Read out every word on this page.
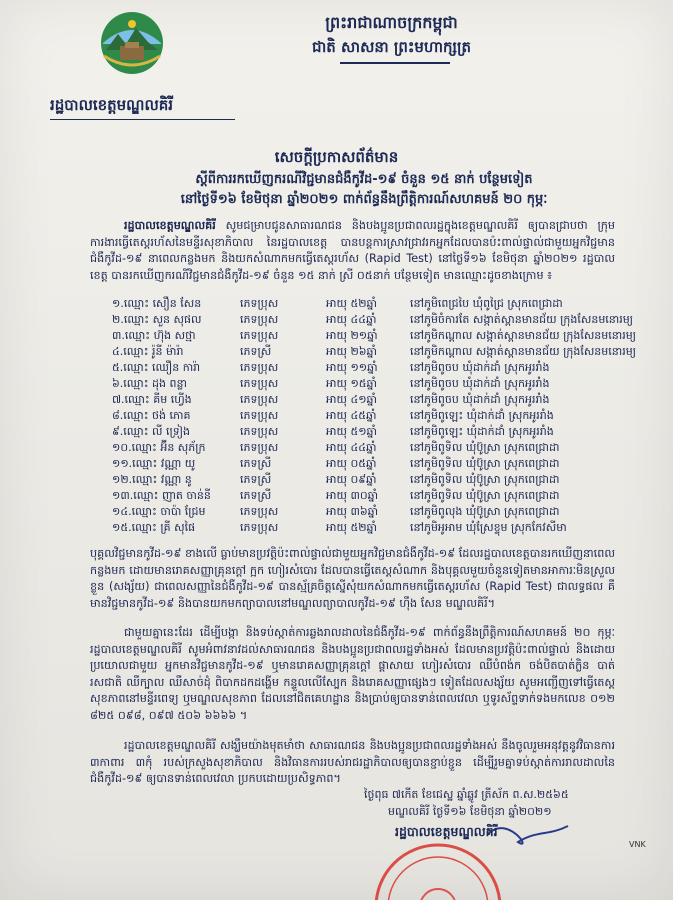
ព្រះរាជាណាចក្រកម្ពុជា
ជាតិ សាសនា ព្រះមហាក្សត្រ
រដ្ឋបាលខេត្តមណ្ឌលគិរី
សេចក្តីប្រកាសព័ត៌មាន
ស្តីពីការរកឃើញករណីវិជ្ជមានជំងឺកូវីដ-១៩ ចំនួន ១៥ នាក់ បន្ថែមទៀត
នៅថ្ងៃទី១៦ ខែមិថុនា ឆ្នាំ២០២១ ពាក់ព័ន្ធនឹងព្រឹត្តិការណ៍សហគមន៍ ២០ កុម្ភៈ
រដ្ឋបាលខេត្តមណ្ឌលគិរី សូមជម្រាបជូនសាធារណជន និងបងប្អូនប្រជាពលរដ្ឋក្នុងខេត្តមណ្ឌលគិរី ឲ្យបានជ្រាបថា ក្រុមការងារធ្វើតេស្តរហ័សនៃមន្ទីរសុខាភិបាល នៃរដ្ឋបាលខេត្ត បានបន្តការស្រាវជ្រាវរកអ្នកដែលបានប៉ះពាល់ផ្ទាល់ជាមួយអ្នកវិជ្ជមានជំងឺកូវីដ-១៩ នាពេលកន្លងមក និងយកសំណាកមកធ្វើតេស្តរហ័ស (Rapid Test) នៅថ្ងៃទី១៦ ខែមិថុនា ឆ្នាំ២០២១ រដ្ឋបាលខេត្ត បានរកឃើញករណីវិជ្ជមានជំងឺកូវីដ-១៩ ចំនួន ១៥ នាក់ ស្រី ០៥នាក់ បន្ថែមទៀត មានឈ្មោះដូចខាងក្រោម ៖
១.ឈ្មោះ សឿន សែន	ភេទប្រុស	អាយុ ៥២ឆ្នាំ	នៅភូមិពេជ្របៃ ឃុំពូជ្រៃ ស្រុកពេជ្រាដា
២.ឈ្មោះ សួន សុផល	ភេទប្រុស	អាយុ ៤៤ឆ្នាំ	នៅភូមិចំការតែ សង្កាត់ស្ពានមានជ័យ ក្រុងសែនមនោរម្យ
៣.ឈ្មោះ ហ៊ុង សថ្មា	ភេទប្រុស	អាយុ ២១ឆ្នាំ	នៅភូមិកណ្តាល សង្កាត់ស្ពានមានជ័យ ក្រុងសែនមនោរម្យ
៤.ឈ្មោះ រ៉ូនី ម៉ារ៉ា	ភេទស្រី	អាយុ ២៦ឆ្នាំ	នៅភូមិកណ្តាល សង្កាត់ស្ពានមានជ័យ ក្រុងសែនមនោរម្យ
៥.ឈ្មោះ ឈឿន ការ៉ា	ភេទប្រុស	អាយុ ១១ឆ្នាំ	នៅភូមិពូចប ឃុំដាក់ដាំ ស្រុកអូររាំង
៦.ឈ្មោះ ដុង ពន្លា	ភេទប្រុស	អាយុ ១៥ឆ្នាំ	នៅភូមិពូចប ឃុំដាក់ដាំ ស្រុកអូររាំង
៧.ឈ្មោះ គីម ហ្វើង	ភេទប្រុស	អាយុ ៤១ឆ្នាំ	នៅភូមិពូចប ឃុំដាក់ដាំ ស្រុកអូររាំង
៨.ឈ្មោះ ថង់ ភោគ	ភេទប្រុស	អាយុ ៤៥ឆ្នាំ	នៅភូមិពូឡេះ ឃុំដាក់ដាំ ស្រុកអូររាំង
៩.ឈ្មោះ លី ទ្រៀង	ភេទប្រុស	អាយុ ៥១ឆ្នាំ	នៅភូមិពូឡេះ ឃុំដាក់ដាំ ស្រុកអូររាំង
១០.ឈ្មោះ អ៊ីន សុភ័ក្រ	ភេទប្រុស	អាយុ ៤៤ឆ្នាំ	នៅភូមិពូទិល ឃុំប៊ូស្រា ស្រុកពេជ្រាដា
១១.ឈ្មោះ វណ្ណា យូ	ភេទស្រី	អាយុ ០៥ឆ្នាំ	នៅភូមិពូទិល ឃុំប៊ូស្រា ស្រុកពេជ្រាដា
១២.ឈ្មោះ វណ្ណា នូ	ភេទស្រី	អាយុ ០៩ឆ្នាំ	នៅភូមិពូទិល ឃុំប៊ូស្រា ស្រុកពេជ្រាដា
១៣.ឈ្មោះ ញាត ចាន់នី	ភេទស្រី	អាយុ ៣០ឆ្នាំ	នៅភូមិពូទិល ឃុំប៊ូស្រា ស្រុកពេជ្រាដា
១៤.ឈ្មោះ ចាប៉ា ជ្រែម	ភេទប្រុស	អាយុ ៣៦ឆ្នាំ	នៅភូមិពូលុង ឃុំប៊ូស្រា ស្រុកពេជ្រាដា
១៥.ឈ្មោះ គ្រី សុផៃ	ភេទប្រុស	អាយុ ៥២ឆ្នាំ	នៅភូមិអូអាម ឃុំស្រែខ្ទុម ស្រុកកែវសីមា
បុគ្គលវិជ្ជមានកូវីដ-១៩ ខាងលើ ធ្លាប់មានប្រវត្តិប៉ះពាល់ផ្ទាល់ជាមួយអ្នកវិជ្ជមានជំងឺកូវីដ-១៩ ដែលរដ្ឋបាលខេត្តបានរកឃើញនាពេលកន្លងមក ដោយមានរោគសញ្ញាគ្រុនក្តៅ ក្អក ហៀរសំបោរ ដែលបានធ្វើតេស្តសំណាក និងបុគ្គលមួយចំនួនទៀតមានអាការៈមិនស្រួលខ្លួន (សង្ស័យ) ជាពេលសញ្ញានៃជំងឺកូវីដ-១៩ បានស្ម័គ្រចិត្តស្នើសុំយកសំណាកមកធ្វើតេស្តរហ័ស (Rapid Test) ជាលទ្ធផល គឺមានវិជ្ជមានកូវីដ-១៩ និងបានយកមកព្យាបាលនៅមណ្ឌលព្យាបាលកូវីដ-១៩ ហ៊ឹង សែន មណ្ឌលគិរី។
ជាមួយគ្នានេះដែរ ដើម្បីបង្កា និងទប់ស្កាត់ការឆ្លងរាលដាលនៃជំងឺកូវីដ-១៩ ពាក់ព័ន្ធនឹងព្រឹត្តិការណ៍សហគមន៍ ២០ កុម្ភៈ រដ្ឋបាលខេត្តមណ្ឌលគិរី សូមអំពាវនាវដល់សាធារណជន និងបងប្អូនប្រជាពលរដ្ឋទាំងអស់ ដែលមានប្រវត្តិប៉ះពាល់ផ្ទាល់ និងដោយប្រយោលជាមួយ អ្នកមានវិជ្ជមានកូវីដ-១៩ ឬមានរោគសញ្ញាគ្រុនក្តៅ ផ្តាសាយ ហៀរសំបោរ ឈឺបំពង់ក ចង់បិតបាត់ក្លិន បាត់រសជាតិ ឈឺក្បាល ឈឺសាច់ដុំ ពិបាកដកដង្ហើម កន្ទួលលើស្បែក និងរោគសញ្ញាផ្សេងៗ ទៀតដែលសង្ស័យ សូមអញ្ជើញទៅធ្វើតេស្តសុខភាពនៅមន្ទីរពេទ្យ ឬមណ្ឌលសុខភាព ដែលនៅជិតគេហដ្ឋាន និងប្រាប់ឲ្យបានទាន់ពេលវេលា ឬទូរស័ព្ទទាក់ទងមកលេខ ០១២ ៨២៥ ០៩៨, ០៩៧ ៥០៦ ៦៦៦៦ ។
រដ្ឋបាលខេត្តមណ្ឌលគិរី សង្ឃឹមយ៉ាងមុតមាំថា សាធារណជន និងបងប្អូនប្រជាពលរដ្ឋទាំងអស់ នឹងចូលរួមអនុវត្តនូវវិធានការ ៣កាពារ ៣កុំ របស់ក្រសួងសុខាភិបាល និងវិធានការរបស់រាជរដ្ឋាភិបាលឲ្យបានខ្ជាប់ខ្ជួន ដើម្បីរួមគ្នាទប់ស្កាត់ការរាលដាលនៃជំងឺកូវីដ-១៩ ឲ្យបានទាន់ពេលវេលា ប្រកបដោយប្រសិទ្ធភាព។
ថ្ងៃពុធ ៧កើត ខែជេស្ឋ ឆ្នាំឆ្លូវ ត្រីស័ក ព.ស.២៥៦៥
មណ្ឌលគិរី ថ្ងៃទី១៦ ខែមិថុនា ឆ្នាំ២០២១
រដ្ឋបាលខេត្តមណ្ឌលគិរី
VNK
